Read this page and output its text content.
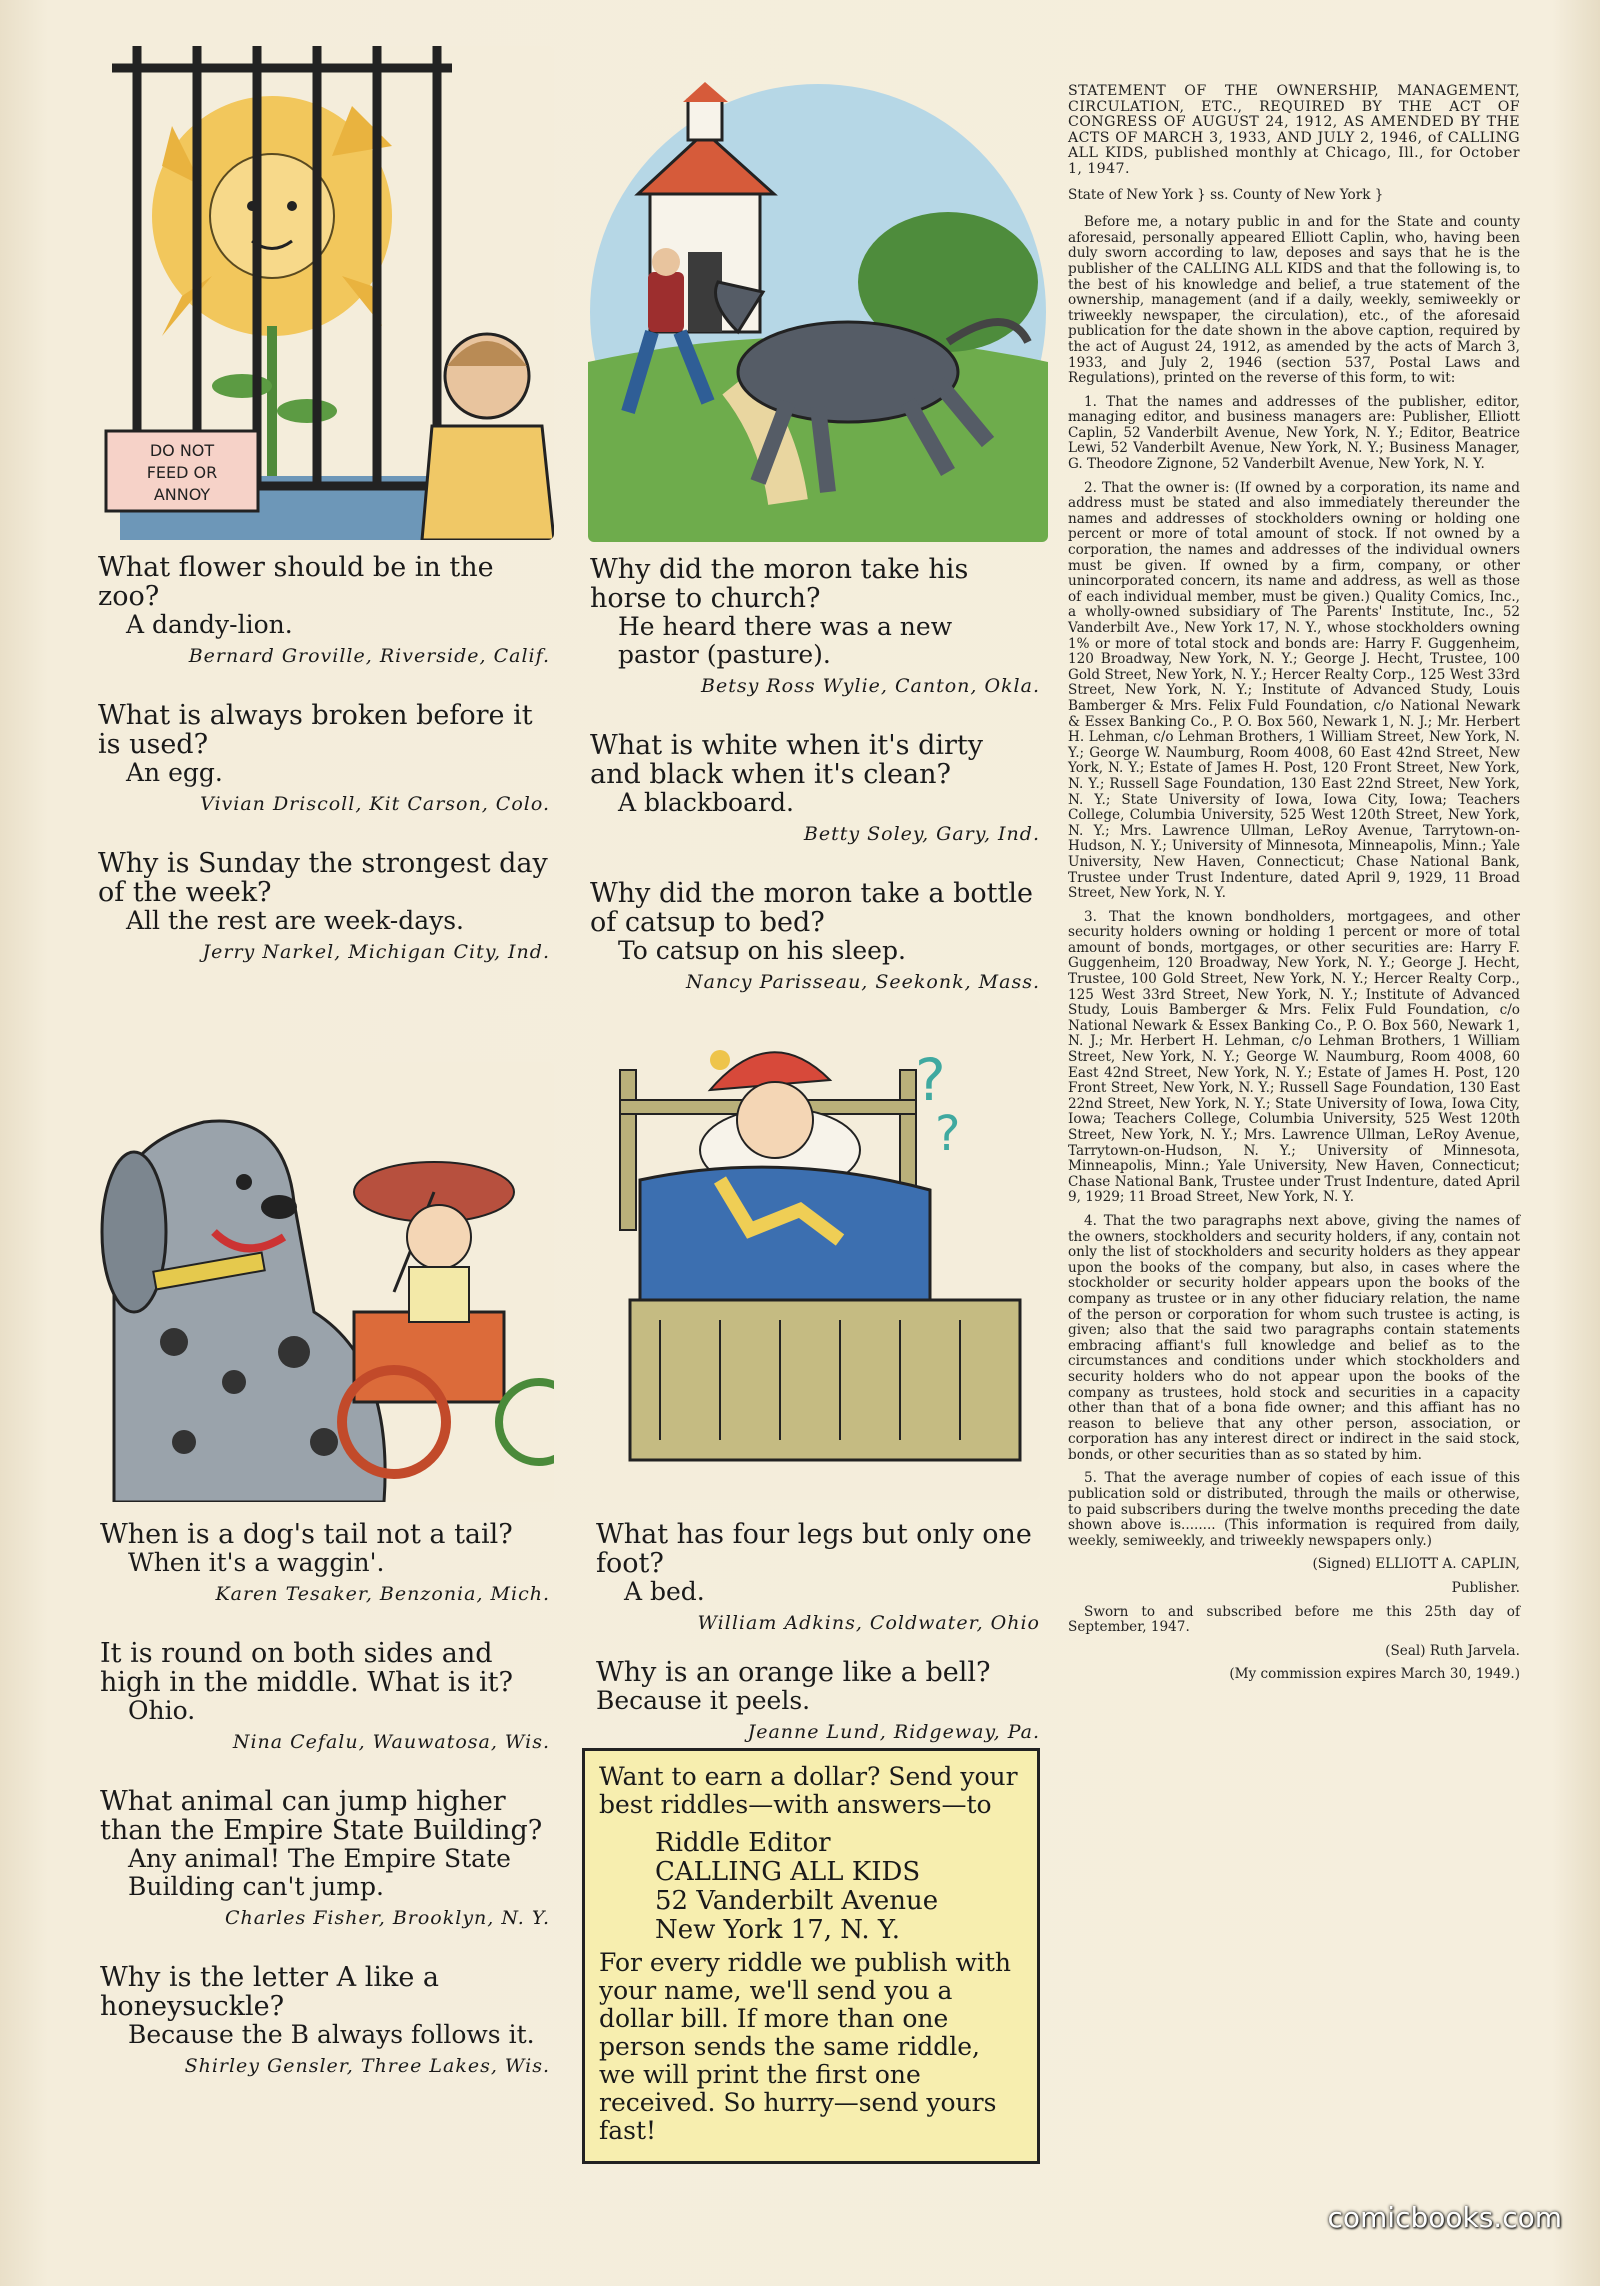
DO NOT
FEED OR
ANNOY
?
?

What flower should be in the zoo?

A dandy-lion.

Bernard Groville, Riverside, Calif.

What is always broken before it is used?

An egg.

Vivian Driscoll, Kit Carson, Colo.

Why is Sunday the strongest day of the week?

All the rest are week-days.

Jerry Narkel, Michigan City, Ind.

When is a dog's tail not a tail?

When it's a waggin'.

Karen Tesaker, Benzonia, Mich.

It is round on both sides and high in the middle. What is it?

Ohio.

Nina Cefalu, Wauwatosa, Wis.

What animal can jump higher than the Empire State Building?

Any animal! The Empire State Building can't jump.

Charles Fisher, Brooklyn, N. Y.

Why is the letter A like a honeysuckle?

Because the B always follows it.

Shirley Gensler, Three Lakes, Wis.

Why did the moron take his horse to church?

He heard there was a new pastor (pasture).

Betsy Ross Wylie, Canton, Okla.

What is white when it's dirty and black when it's clean?

A blackboard.

Betty Soley, Gary, Ind.

Why did the moron take a bottle of catsup to bed?

To catsup on his sleep.

Nancy Parisseau, Seekonk, Mass.

What has four legs but only one foot?

A bed.

William Adkins, Coldwater, Ohio

Why is an orange like a bell?

Because it peels.

Jeanne Lund, Ridgeway, Pa.

Want to earn a dollar? Send your best riddles—with answers—to

Riddle Editor

CALLING ALL KIDS

52 Vanderbilt Avenue

New York 17, N. Y.

For every riddle we publish with your name, we'll send you a dollar bill. If more than one person sends the same riddle, we will print the first one received. So hurry—send yours fast!

STATEMENT OF THE OWNERSHIP, MANAGEMENT, CIRCULATION, ETC., REQUIRED BY THE ACT OF CONGRESS OF AUGUST 24, 1912, AS AMENDED BY THE ACTS OF MARCH 3, 1933, AND JULY 2, 1946, of CALLING ALL KIDS, published monthly at Chicago, Ill., for October 1, 1947.

State of New York } ss. County of New York }

Before me, a notary public in and for the State and county aforesaid, personally appeared Elliott Caplin, who, having been duly sworn according to law, deposes and says that he is the publisher of the CALLING ALL KIDS and that the following is, to the best of his knowledge and belief, a true statement of the ownership, management (and if a daily, weekly, semiweekly or triweekly newspaper, the circulation), etc., of the aforesaid publication for the date shown in the above caption, required by the act of August 24, 1912, as amended by the acts of March 3, 1933, and July 2, 1946 (section 537, Postal Laws and Regulations), printed on the reverse of this form, to wit:

1. That the names and addresses of the publisher, editor, managing editor, and business managers are: Publisher, Elliott Caplin, 52 Vanderbilt Avenue, New York, N. Y.; Editor, Beatrice Lewi, 52 Vanderbilt Avenue, New York, N. Y.; Business Manager, G. Theodore Zignone, 52 Vanderbilt Avenue, New York, N. Y.

2. That the owner is: (If owned by a corporation, its name and address must be stated and also immediately thereunder the names and addresses of stockholders owning or holding one percent or more of total amount of stock. If not owned by a corporation, the names and addresses of the individual owners must be given. If owned by a firm, company, or other unincorporated concern, its name and address, as well as those of each individual member, must be given.) Quality Comics, Inc., a wholly-owned subsidiary of The Parents' Institute, Inc., 52 Vanderbilt Ave., New York 17, N. Y., whose stockholders owning 1% or more of total stock and bonds are: Harry F. Guggenheim, 120 Broadway, New York, N. Y.; George J. Hecht, Trustee, 100 Gold Street, New York, N. Y.; Hercer Realty Corp., 125 West 33rd Street, New York, N. Y.; Institute of Advanced Study, Louis Bamberger & Mrs. Felix Fuld Foundation, c/o National Newark & Essex Banking Co., P. O. Box 560, Newark 1, N. J.; Mr. Herbert H. Lehman, c/o Lehman Brothers, 1 William Street, New York, N. Y.; George W. Naumburg, Room 4008, 60 East 42nd Street, New York, N. Y.; Estate of James H. Post, 120 Front Street, New York, N. Y.; Russell Sage Foundation, 130 East 22nd Street, New York, N. Y.; State University of Iowa, Iowa City, Iowa; Teachers College, Columbia University, 525 West 120th Street, New York, N. Y.; Mrs. Lawrence Ullman, LeRoy Avenue, Tarrytown-on-Hudson, N. Y.; University of Minnesota, Minneapolis, Minn.; Yale University, New Haven, Connecticut; Chase National Bank, Trustee under Trust Indenture, dated April 9, 1929, 11 Broad Street, New York, N. Y.

3. That the known bondholders, mortgagees, and other security holders owning or holding 1 percent or more of total amount of bonds, mortgages, or other securities are: Harry F. Guggenheim, 120 Broadway, New York, N. Y.; George J. Hecht, Trustee, 100 Gold Street, New York, N. Y.; Hercer Realty Corp., 125 West 33rd Street, New York, N. Y.; Institute of Advanced Study, Louis Bamberger & Mrs. Felix Fuld Foundation, c/o National Newark & Essex Banking Co., P. O. Box 560, Newark 1, N. J.; Mr. Herbert H. Lehman, c/o Lehman Brothers, 1 William Street, New York, N. Y.; George W. Naumburg, Room 4008, 60 East 42nd Street, New York, N. Y.; Estate of James H. Post, 120 Front Street, New York, N. Y.; Russell Sage Foundation, 130 East 22nd Street, New York, N. Y.; State University of Iowa, Iowa City, Iowa; Teachers College, Columbia University, 525 West 120th Street, New York, N. Y.; Mrs. Lawrence Ullman, LeRoy Avenue, Tarrytown-on-Hudson, N. Y.; University of Minnesota, Minneapolis, Minn.; Yale University, New Haven, Connecticut; Chase National Bank, Trustee under Trust Indenture, dated April 9, 1929; 11 Broad Street, New York, N. Y.

4. That the two paragraphs next above, giving the names of the owners, stockholders and security holders, if any, contain not only the list of stockholders and security holders as they appear upon the books of the company, but also, in cases where the stockholder or security holder appears upon the books of the company as trustee or in any other fiduciary relation, the name of the person or corporation for whom such trustee is acting, is given; also that the said two paragraphs contain statements embracing affiant's full knowledge and belief as to the circumstances and conditions under which stockholders and security holders who do not appear upon the books of the company as trustees, hold stock and securities in a capacity other than that of a bona fide owner; and this affiant has no reason to believe that any other person, association, or corporation has any interest direct or indirect in the said stock, bonds, or other securities than as so stated by him.

5. That the average number of copies of each issue of this publication sold or distributed, through the mails or otherwise, to paid subscribers during the twelve months preceding the date shown above is........ (This information is required from daily, weekly, semiweekly, and triweekly newspapers only.)

(Signed) ELLIOTT A. CAPLIN,

Publisher.

Sworn to and subscribed before me this 25th day of September, 1947.

(Seal) Ruth Jarvela.

(My commission expires March 30, 1949.)

comicbooks.com
